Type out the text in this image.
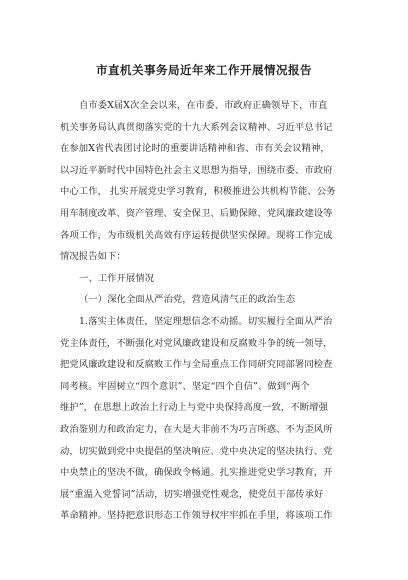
市直机关事务局近年来工作开展情况报告
自市委X届X次全会以来，在市委、市政府正确领导下，市直
机关事务局认真贯彻落实党的十九大系列会议精神、习近平总书记
在参加X省代表团讨论时的重要讲话精神和省、市有关会议精神，
以习近平新时代中国特色社会主义思想为指导，围绕市委、市政府
中心工作， 扎实开展党史学习教育，积极推进公共机构节能、公务
用车制度改革、资产管理、安全保卫、后勤保障、党风廉政建设等
各项工作，为市级机关高效有序运转提供坚实保障。现将工作完成
情况报告如下：
一、工作开展情况
（一）深化全面从严治党，营造风清气正的政治生态
1.落实主体责任，坚定理想信念不动摇。切实履行全面从严治
党主体责任，不断强化对党风廉政建设和反腐败斗争的统一领导，
把党风廉政建设和反腐败工作与全局重点工作同研究同部署同检查
同考核。牢固树立“四个意识”、坚定“四个自信”、做到“两个
维护”，在思想上政治上行动上与党中央保持高度一致，不断增强
政治鉴别力和政治定力，在大是大非前不为巧言所惑、不为歪风所
动，切实做到党中央提倡的坚决响应、党中央决定的坚决执行、党
中央禁止的坚决不做，确保政令畅通。扎实推进党史学习教育，开
展“重温入党誓词”活动，切实增强党性观念，使党员干部传承好
革命精神。坚持把意识形态工作领导权牢牢抓在手里，将该项工作
